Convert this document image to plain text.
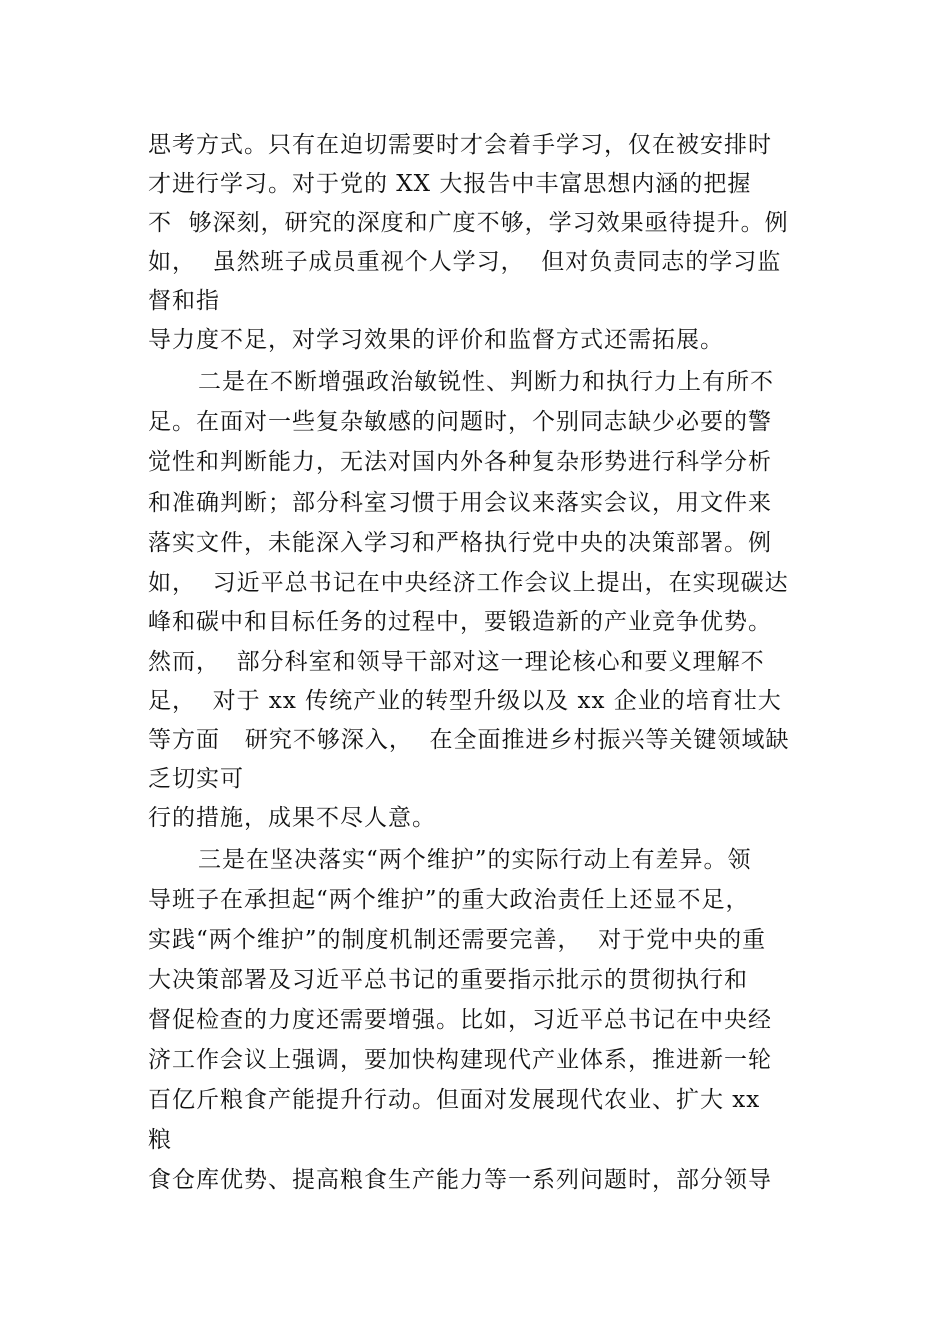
思考方式。只有在迫切需要时才会着手学习，仅在被安排时
才进行学习。对于党的 XX 大报告中丰富思想内涵的把握
不  够深刻，研究的深度和广度不够，学习效果亟待提升。例
如，  虽然班子成员重视个人学习，  但对负责同志的学习监
督和指
导力度不足，对学习效果的评价和监督方式还需拓展。
二是在不断增强政治敏锐性、判断力和执行力上有所不
足。在面对一些复杂敏感的问题时，个别同志缺少必要的警
觉性和判断能力，无法对国内外各种复杂形势进行科学分析
和准确判断；部分科室习惯于用会议来落实会议，用文件来
落实文件，未能深入学习和严格执行党中央的决策部署。例
如，  习近平总书记在中央经济工作会议上提出，在实现碳达
峰和碳中和目标任务的过程中，要锻造新的产业竞争优势。
然而，  部分科室和领导干部对这一理论核心和要义理解不
足，  对于 xx 传统产业的转型升级以及 xx 企业的培育壮大
等方面   研究不够深入，  在全面推进乡村振兴等关键领域缺
乏切实可
行的措施，成果不尽人意。
三是在坚决落实“两个维护”的实际行动上有差异。领
导班子在承担起“两个维护”的重大政治责任上还显不足，
实践“两个维护”的制度机制还需要完善，  对于党中央的重
大决策部署及习近平总书记的重要指示批示的贯彻执行和
督促检查的力度还需要增强。比如，习近平总书记在中央经
济工作会议上强调，要加快构建现代产业体系，推进新一轮
百亿斤粮食产能提升行动。但面对发展现代农业、扩大 xx
粮
食仓库优势、提高粮食生产能力等一系列问题时，部分领导
